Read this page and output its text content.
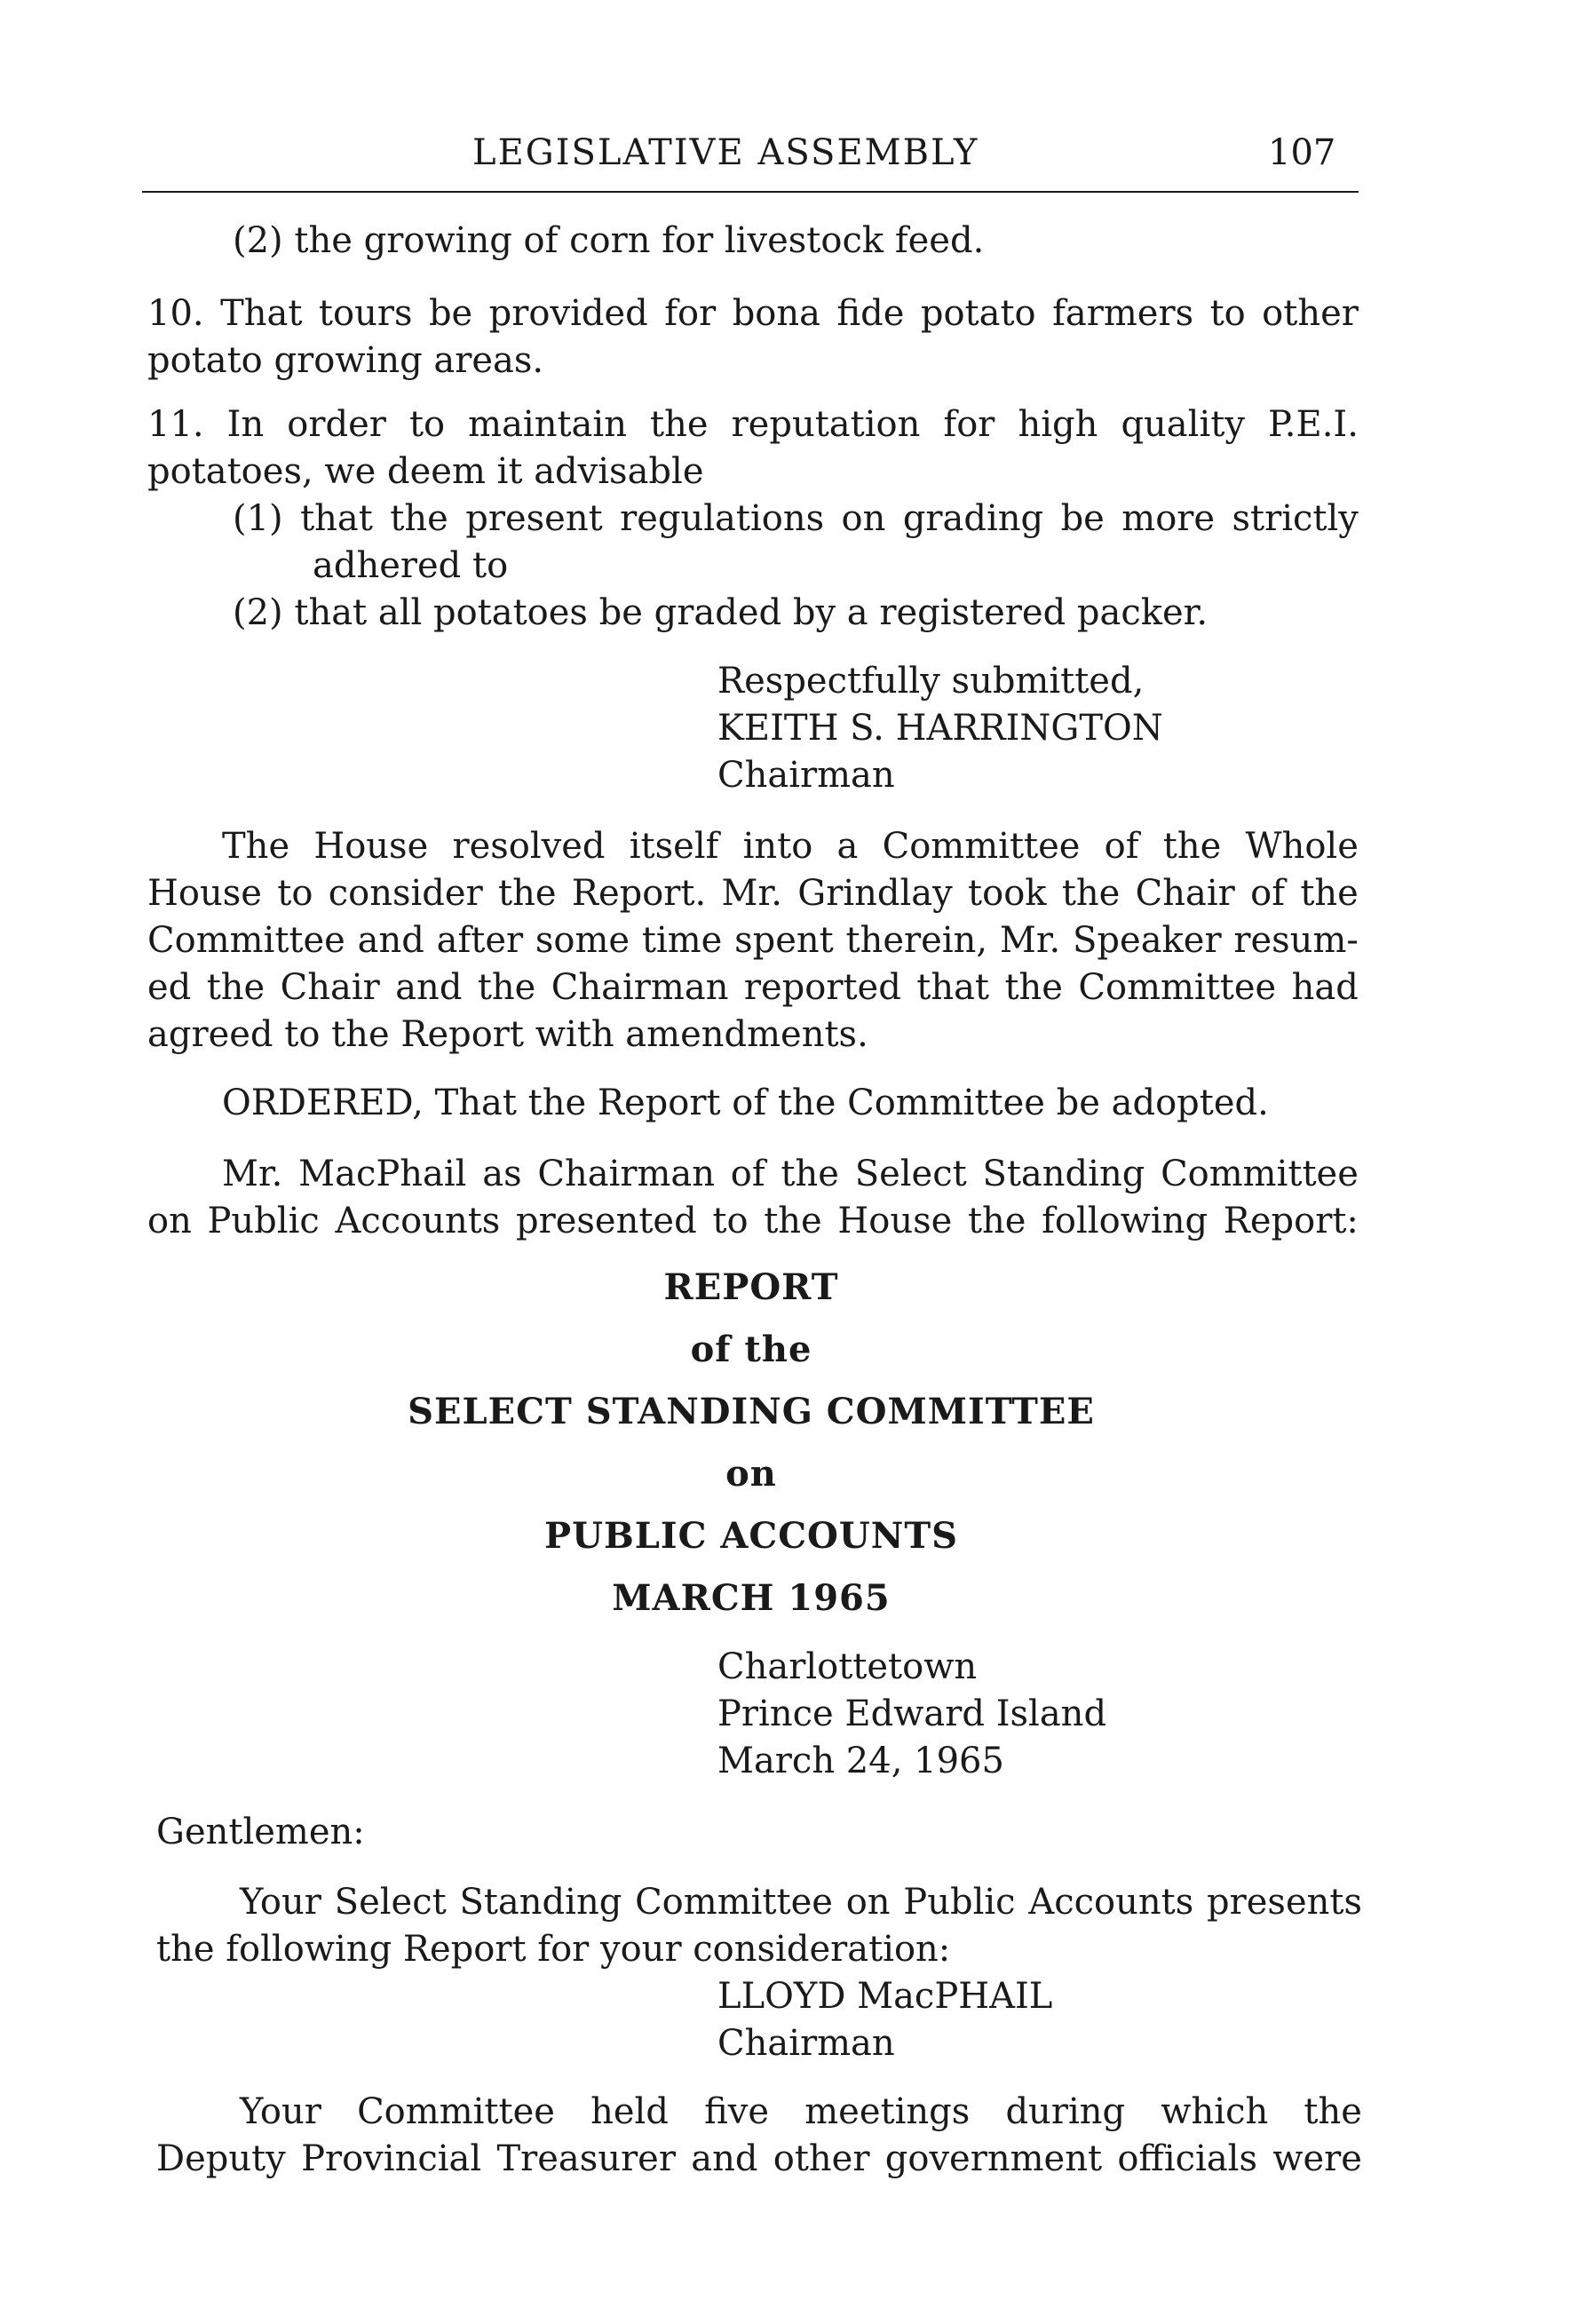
LEGISLATIVE ASSEMBLY	107

(2) the growing of corn for livestock feed.

10. That tours be provided for bona fide potato farmers to other

potato growing areas.

11. In order to maintain the reputation for high quality P.E.I.

potatoes, we deem it advisable

(1) that the present regulations on grading be more strictly

adhered to

(2) that all potatoes be graded by a registered packer.

Respectfully submitted,

KEITH S. HARRINGTON

Chairman

The House resolved itself into a Committee of the Whole

House to consider the Report. Mr. Grindlay took the Chair of the

Committee and after some time spent therein, Mr. Speaker resum-

ed the Chair and the Chairman reported that the Committee had

agreed to the Report with amendments.

ORDERED, That the Report of the Committee be adopted.

Mr. MacPhail as Chairman of the Select Standing Committee

on Public Accounts presented to the House the following Report:

REPORT

of the

SELECT STANDING COMMITTEE

on

PUBLIC ACCOUNTS

MARCH 1965

Charlottetown

Prince Edward Island

March 24, 1965

Gentlemen:

Your Select Standing Committee on Public Accounts presents

the following Report for your consideration:

LLOYD MacPHAIL

Chairman

Your Committee held five meetings during which the

Deputy Provincial Treasurer and other government officials were
